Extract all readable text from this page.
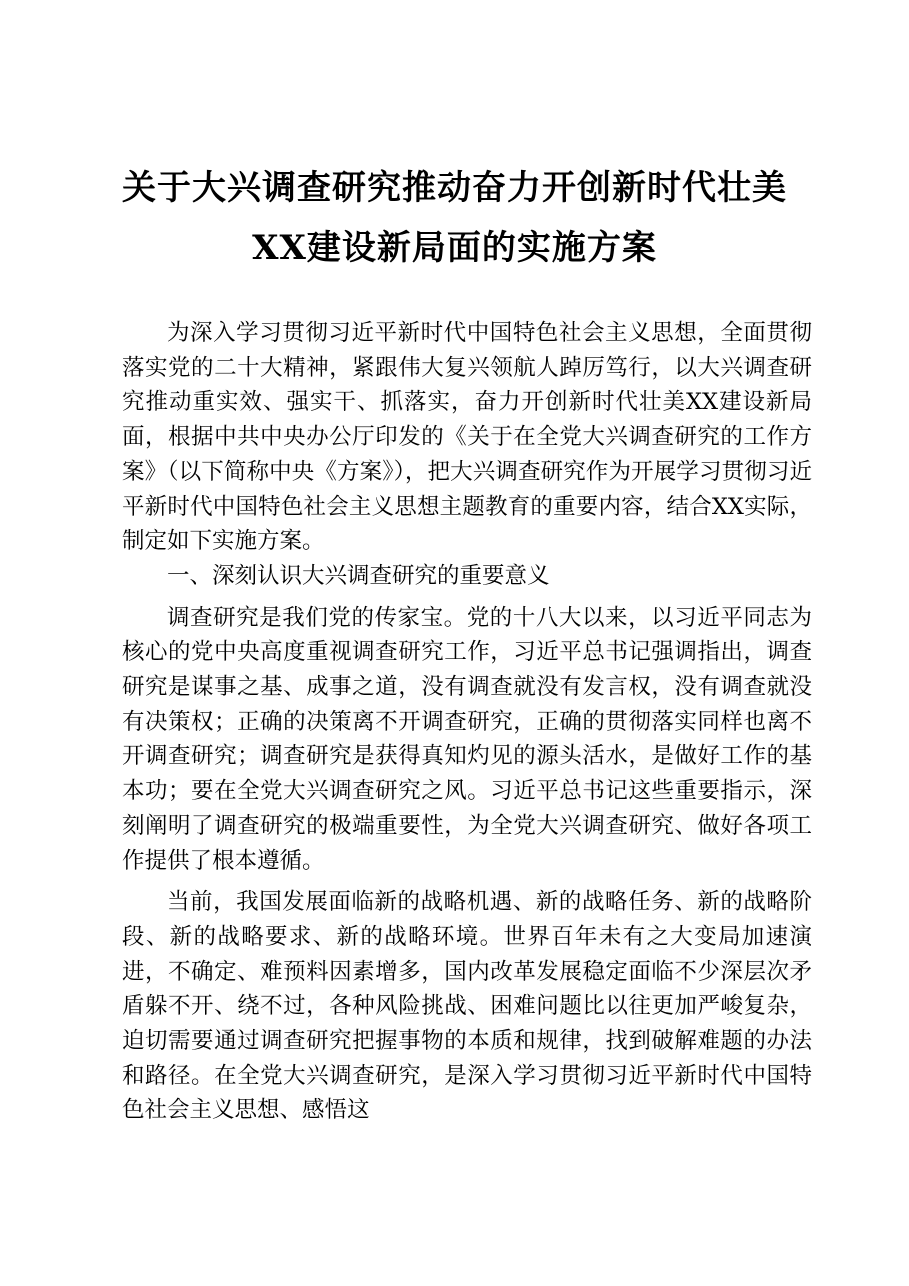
关于大兴调查研究推动奋力开创新时代壮美
XX建设新局面的实施方案

为深入学习贯彻习近平新时代中国特色社会主义思想，全面贯彻落实党的二十大精神，紧跟伟大复兴领航人踔厉笃行，以大兴调查研究推动重实效、强实干、抓落实，奋力开创新时代壮美XX建设新局面，根据中共中央办公厅印发的《关于在全党大兴调查研究的工作方案》（以下简称中央《方案》），把大兴调查研究作为开展学习贯彻习近平新时代中国特色社会主义思想主题教育的重要内容，结合XX实际，制定如下实施方案。

一、深刻认识大兴调查研究的重要意义

调查研究是我们党的传家宝。党的十八大以来，以习近平同志为核心的党中央高度重视调查研究工作，习近平总书记强调指出，调查研究是谋事之基、成事之道，没有调查就没有发言权，没有调查就没有决策权；正确的决策离不开调查研究，正确的贯彻落实同样也离不开调查研究；调查研究是获得真知灼见的源头活水，是做好工作的基本功；要在全党大兴调查研究之风。习近平总书记这些重要指示，深刻阐明了调查研究的极端重要性，为全党大兴调查研究、做好各项工作提供了根本遵循。

当前，我国发展面临新的战略机遇、新的战略任务、新的战略阶段、新的战略要求、新的战略环境。世界百年未有之大变局加速演进，不确定、难预料因素增多，国内改革发展稳定面临不少深层次矛盾躲不开、绕不过，各种风险挑战、困难问题比以往更加严峻复杂，迫切需要通过调查研究把握事物的本质和规律，找到破解难题的办法和路径。在全党大兴调查研究，是深入学习贯彻习近平新时代中国特色社会主义思想、感悟这
